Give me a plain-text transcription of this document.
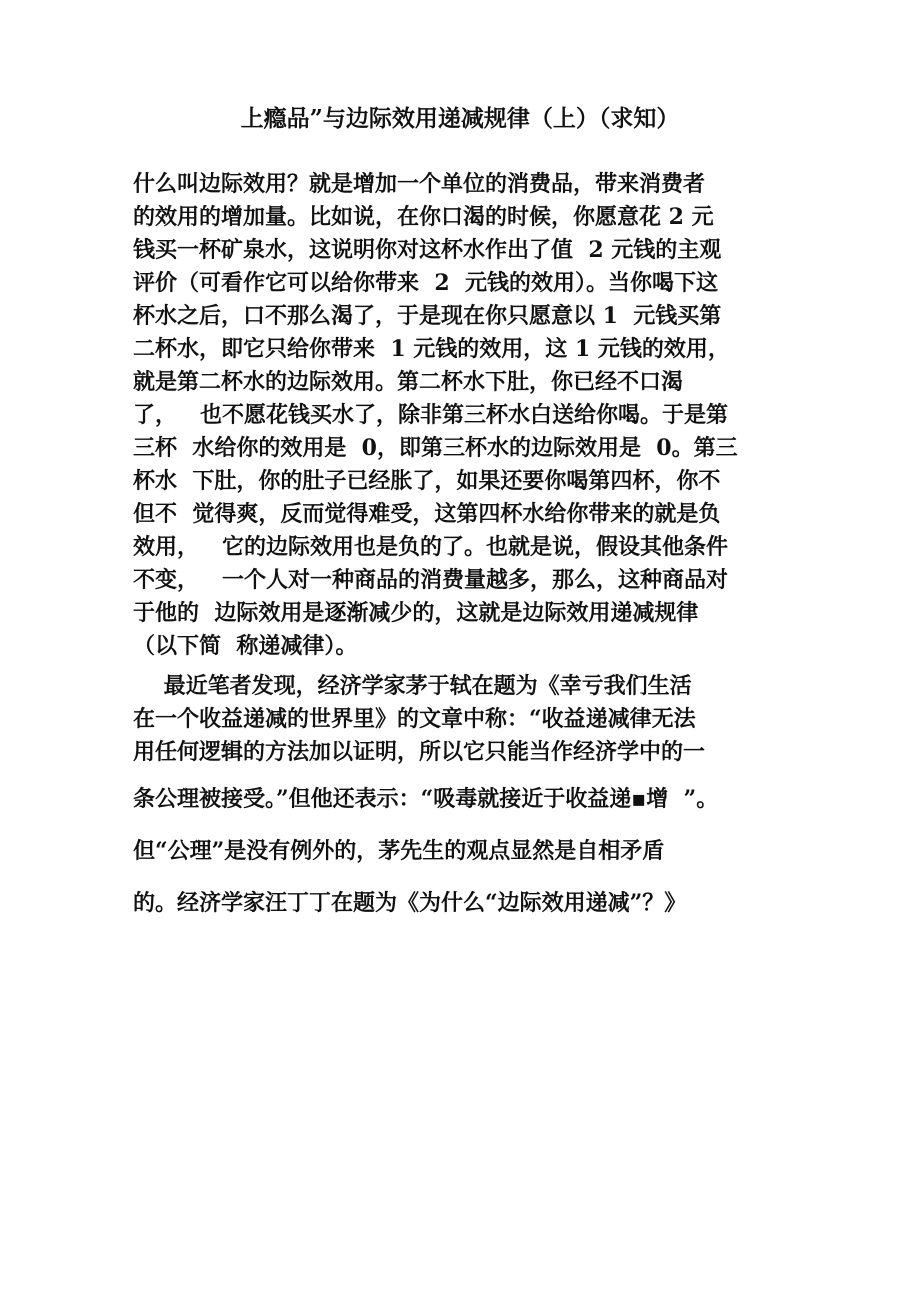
上瘾品”与边际效用递减规律（上）（求知）
什么叫边际效用？就是增加一个单位的消费品，带来消费者
的效用的增加量。比如说，在你口渴的时候，你愿意花 2 元
钱买一杯矿泉水，这说明你对这杯水作出了值  2 元钱的主观
评价（可看作它可以给你带来  2  元钱的效用）。当你喝下这
杯水之后，口不那么渴了，于是现在你只愿意以 1  元钱买第
二杯水，即它只给你带来  1 元钱的效用，这 1 元钱的效用，
就是第二杯水的边际效用。第二杯水下肚，你已经不口渴
了，   也不愿花钱买水了，除非第三杯水白送给你喝。于是第
三杯  水给你的效用是  0，即第三杯水的边际效用是  0。第三
杯水  下肚，你的肚子已经胀了，如果还要你喝第四杯，你不
但不  觉得爽，反而觉得难受，这第四杯水给你带来的就是负
效用，   它的边际效用也是负的了。也就是说，假设其他条件
不变，   一个人对一种商品的消费量越多，那么，这种商品对
于他的  边际效用是逐渐减少的，这就是边际效用递减规律
（以下简  称递减律）。
最近笔者发现，经济学家茅于轼在题为《幸亏我们生活
在一个收益递减的世界里》的文章中称：“收益递减律无法
用任何逻辑的方法加以证明，所以它只能当作经济学中的一
条公理被接受。”但他还表示：“吸毒就接近于收益递▪增  ”。
但“公理”是没有例外的，茅先生的观点显然是自相矛盾
的。经济学家汪丁丁在题为《为什么“边际效用递减”？》
